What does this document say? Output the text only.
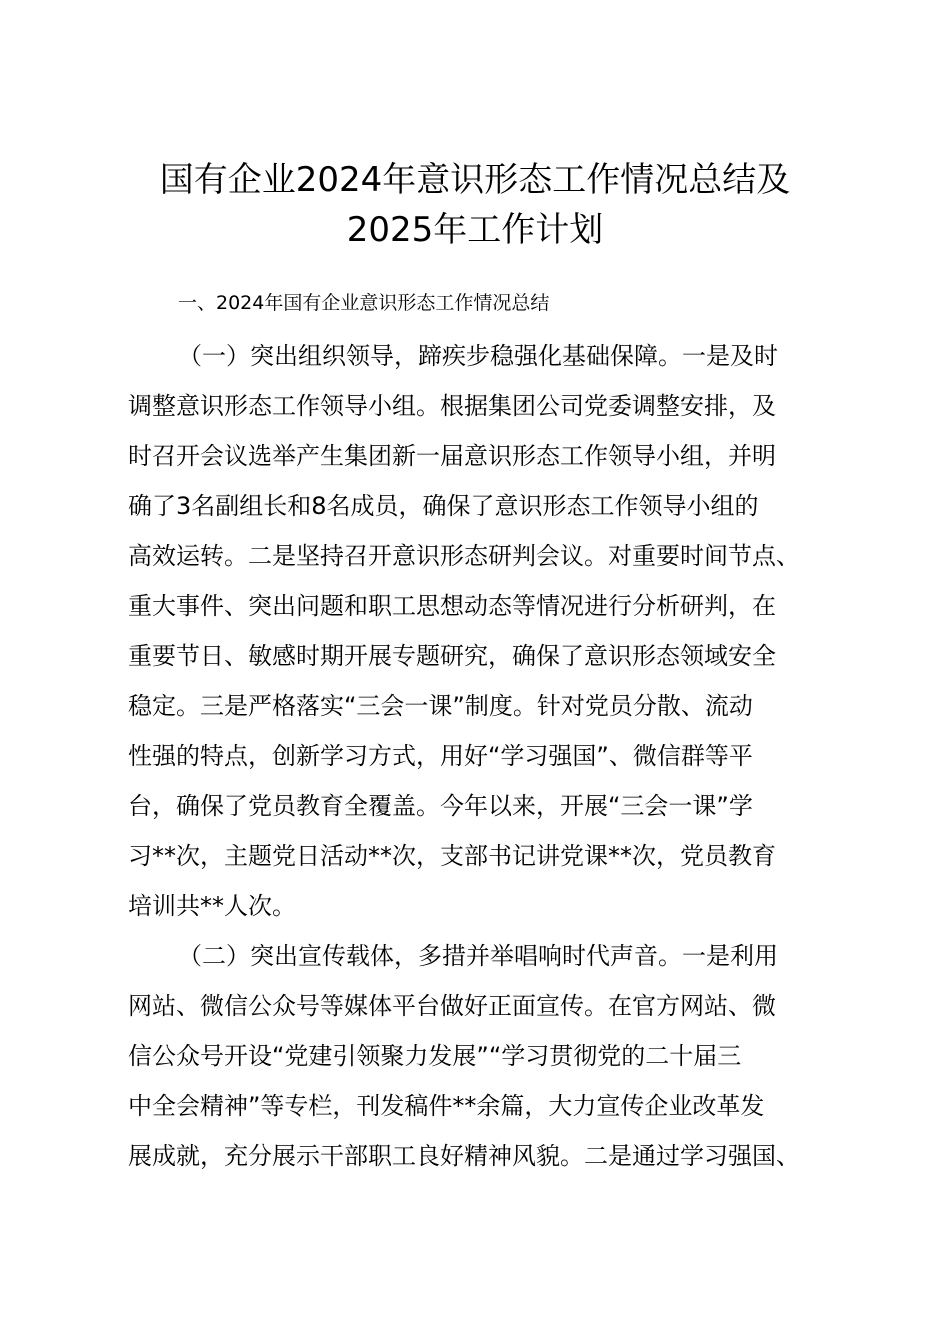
国有企业2024年意识形态工作情况总结及
2025年工作计划

一、2024年国有企业意识形态工作情况总结

（一）突出组织领导，蹄疾步稳强化基础保障。一是及时

调整意识形态工作领导小组。根据集团公司党委调整安排，及

时召开会议选举产生集团新一届意识形态工作领导小组，并明

确了3名副组长和8名成员，确保了意识形态工作领导小组的

高效运转。二是坚持召开意识形态研判会议。对重要时间节点、

重大事件、突出问题和职工思想动态等情况进行分析研判，在

重要节日、敏感时期开展专题研究，确保了意识形态领域安全

稳定。三是严格落实“三会一课”制度。针对党员分散、流动

性强的特点，创新学习方式，用好“学习强国”、微信群等平

台，确保了党员教育全覆盖。今年以来，开展“三会一课”学

习**次，主题党日活动**次，支部书记讲党课**次，党员教育

培训共**人次。

（二）突出宣传载体，多措并举唱响时代声音。一是利用

网站、微信公众号等媒体平台做好正面宣传。在官方网站、微

信公众号开设“党建引领聚力发展”“学习贯彻党的二十届三

中全会精神”等专栏，刊发稿件**余篇，大力宣传企业改革发

展成就，充分展示干部职工良好精神风貌。二是通过学习强国、
